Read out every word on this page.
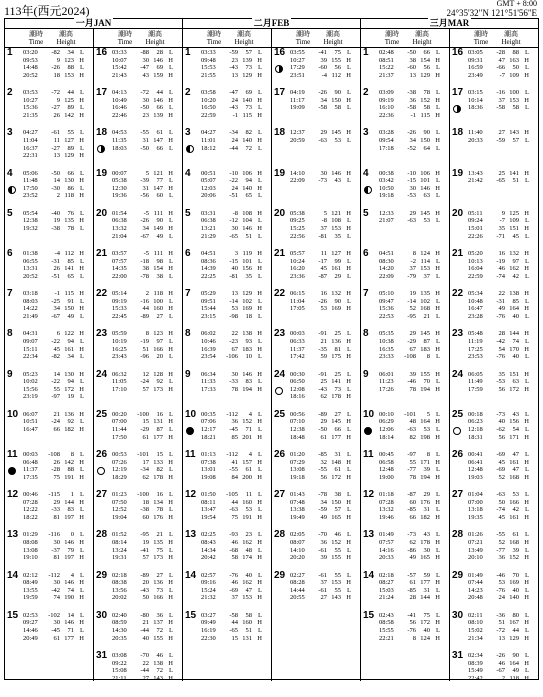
113年(西元2024)
GMT + 8:00
24°35'32"N 121°51'56"E
一月JAN
潮時
Time
潮高
Height
1 03:20 -82 34 L
09:53	9 123 H
14:48 -26 88 L
20:52 18 153 H
2 03:53 -72 44 L
10:27	9 125 H
15:36 -27 89 L
21:35 26 142 H
3 04:27 -61 55 L
11:04 11 127 H
16:37 -27 89 L
22:31 13 129 H
4 05:06 -50 66 L
11:48 14 130 H
17:50 -30 86 L
23:52	2 118 H
5 05:54 -40 76 L
12:38 19 135 H
19:32 -38 78 L
6 01:38	-4 112 H
06:55 -31 85 L
13:31 26 141 H
20:52 -51 65 L
7 03:18	-1 115 H
08:03 -25 91 L
14:22 34 150 H
21:49 -67 49 L
8 04:31	6 122 H
09:07 -22 94 L
15:11 45 161 H
22:34 -82 34 L
9 05:23 14 130 H
10:02 -22 94 L
15:56 55 172 H
23:19 -97 19 L
10 06:07 21 136 H
10:51 -24 92 L
16:47 66 182 H
11 00:03 -108 8 L
06:48 26 142 H
11:37 -28 88 L
17:35 75 191 H
12 00:46 -115 1 L
07:28 29 144 H
12:22 -33 83 L
18:22 81 197 H
13 01:29 -116 0 L
08:08 30 146 H
13:08 -37 79 L
19:10 81 197 H
14 02:12 -112 4 L
08:49 30 146 H
13:55 -42 74 L
19:59 74 190 H
15 02:53 -102 14 L
09:27 30 146 H
14:46 -45 71 L
20:49 61 177 H
潮時
Time
潮高
Height
16 03:33 -88 28 L
10:07 30 146 H
15:42 -47 69 L
21:43 43 159 H
17 04:13 -72 44 L
10:49 30 146 H
16:46 -50 66 L
22:46 23 139 H
18 04:53 -55 61 L
11:35 31 147 H
18:03 -50 66 L
19 00:07	5 121 H
05:38 -39 77 L
12:30 31 147 H
19:36 -56 60 L
20 01:54	-5 111 H
06:38 -26 90 L
13:32 34 149 H
21:04 -67 49 L
21 03:57	-5 111 H
07:57 -18 98 L
14:35 38 154 H
22:00 -78 38 L
22 05:14	2 118 H
09:19 -16 100 L
15:33 44 160 H
22:45 -89 27 L
23 05:59	8 123 H
10:19 -19 97 L
16:25 51 166 H
23:43 -96 20 L
24 06:32 12 128 H
11:05 -24 92 L
17:10 57 173 H
25 00:20 -100 16 L
07:00 15 131 H
11:44 -29 87 L
17:50 61 177 H
26 00:53 -101 15 L
07:26 17 133 H
12:19 -34 82 L
18:29 62 178 H
27 01:23 -100 16 L
07:50 18 134 H
12:52 -38 78 L
19:04 60 176 H
28 01:52 -95 21 L
08:14 19 135 H
13:24 -41 75 L
19:31 57 173 H
29 02:18 -89 27 L
08:38 20 136 H
13:56 -43 73 L
20:02 50 166 H
30 02:40 -80 36 L
08:59 21 137 H
14:30 -44 72 L
20:35 40 155 H
31 03:08 -70 46 L
09:22 22 138 H
15:08 -44 72 L
21:11 27 143 H
二月FEB
潮時
Time
潮高
Height
1 03:33 -59 57 L
09:48 23 139 H
15:53 -43 73 L
21:55 13 129 H
2 03:58 -47 69 L
10:20 24 140 H
16:50 -43 73 L
22:59	-1 115 H
3 04:27 -34 82 L
11:01 24 140 H
18:12 -44 72 L
4 00:51 -10 106 H
05:07 -22 94 L
12:03 24 140 H
20:06 -51 65 L
5 03:31	-8 108 H
06:38 -12 104 L
13:21 30 146 H
21:29 -65 51 L
6 04:51	3 119 H
08:36 -15 101 L
14:39 40 156 H
22:25 -81 35 L
7 05:29 13 129 H
09:51 -14 102 L
15:44 53 169 H
23:15 -98 18 L
8 06:02 22 138 H
10:46 -23 93 L
16:39 67 183 H
23:54 -106 10 L
9 06:34 30 146 H
11:33 -33 83 L
17:33 78 194 H
10 00:35 -112 4 L
07:06 36 152 H
12:17 -45 71 L
18:21 85 201 H
11 01:13 -112 4 L
07:38 41 157 H
13:01 -55 61 L
19:08 84 200 H
12 01:50 -105 11 L
08:11 44 160 H
13:47 -63 53 L
19:54 75 191 H
13 02:25 -93 23 L
08:43 46 162 H
14:34 -68 48 L
20:42 58 174 H
14 02:57 -76 40 L
09:16 46 162 H
15:24 -69 47 L
21:32 37 153 H
15 03:27 -58 58 L
09:49 44 160 H
16:19 -65 51 L
22:30 15 131 H
潮時
Time
潮高
Height
16 03:55 -41 75 L
10:27 39 155 H
17:29 -60 56 L
23:51	-4 112 H
17 04:19 -26 90 L
11:17 34 150 H
19:09 -58 58 L
18 12:37 29 145 H
20:59 -63 53 L
19 14:10 30 146 H
22:09 -73 43 L
20 05:38	5 121 H
09:25	-8 108 L
15:25 37 153 H
22:56 -81 35 L
21 05:57 11 127 H
10:24 -17 99 L
16:20 45 161 H
23:36 -87 29 L
22 06:15 16 132 H
11:04 -26 90 L
17:05 53 169 H
23 00:03 -91 25 L
06:33 21 136 H
11:37 -35 81 L
17:42 59 175 H
24 00:30 -91 25 L
06:50 25 141 H
12:08 -43 73 L
18:16 62 178 H
25 00:56 -89 27 L
07:10 29 145 H
12:38 -50 66 L
18:48 61 177 H
26 01:20 -85 31 L
07:29 32 148 H
13:08 -55 61 L
19:18 56 172 H
27 01:43 -78 38 L
07:48 34 150 H
13:38 -59 57 L
19:49 49 165 H
28 02:05 -70 46 L
08:07 36 152 H
14:10 -61 55 L
20:20 39 155 H
29 02:27 -61 55 L
08:28 37 153 H
14:44 -61 55 L
20:55 27 143 H
三月MAR
潮時
Time
潮高
Height
1 02:48 -50 66 L
08:51 38 154 H
15:22 -60 56 L
21:37 13 129 H
2 03:09 -38 78 L
09:19 36 152 H
16:10 -58 58 L
22:36	-1 115 H
3 03:28 -26 90 L
09:54 34 150 H
17:18 -52 64 L
4 00:38 -10 106 H
03:42 -15 101 L
10:50 30 146 H
19:18 -53 63 L
5 12:33 29 145 H
21:07 -63 53 L
6 04:51	8 124 H
08:30	-2 114 L
14:20 37 153 H
22:09 -79 37 L
7 05:10 19 135 H
09:47 -14 102 L
15:36 52 168 H
22:53 -95 21 L
8 05:35 29 145 H
10:38 -29 87 L
16:35 67 183 H
23:33 -108 8 L
9 06:01 39 155 H
11:23 -46 70 L
17:26 78 194 H
10 00:10 -101 5 L
06:29 48 164 H
12:06 -63 53 L
18:14 82 198 H
11 00:45 -97 8 L
06:58 55 171 H
12:48 -77 39 L
19:00 78 194 H
12 01:18 -87 29 L
07:28 60 176 H
13:32 -85 31 L
19:46 66 182 H
13 01:49 -73 43 L
07:57 62 178 H
14:16 -86 30 L
20:33 49 165 H
14 02:18 -57 59 L
08:27 61 177 H
15:03 -85 31 L
21:24 28 144 H
15 02:43 -41 75 L
08:58 56 172 H
15:55 -76 40 L
22:21	8 124 H
潮時
Time
潮高
Height
16 03:05 -28 88 L
09:31 47 163 H
16:59 -66 50 L
23:49	-7 109 H
17 03:15 -16 100 L
10:14 37 153 H
18:36 -58 58 L
18 11:40 27 143 H
20:33 -59 57 L
19 13:43 25 141 H
21:42 -65 51 L
20 05:11	9 125 H
09:24	-7 109 L
15:01 35 151 H
22:26 -71 45 L
21 05:20 16 132 H
10:13 -19 97 L
16:04 46 162 H
22:59 -74 42 L
22 05:34 22 138 H
10:48 -31 85 L
16:47 49 164 H
23:28 -76 40 L
23 05:48 28 144 H
11:19 -42 74 L
17:25 54 170 H
23:53 -76 40 L
24 06:05 35 151 H
11:49 -53 63 L
17:59 56 172 H
25 00:18 -73 43 L
06:23 40 156 H
12:18 -62 54 L
18:31 56 171 H
26 00:41 -69 47 L
06:41 45 161 H
12:48 -69 47 L
19:03 52 168 H
27 01:04 -63 53 L
07:00 50 166 H
13:18 -74 42 L
19:35 45 161 H
28 01:26 -55 61 L
07:21 52 168 H
13:49 -77 39 L
20:10 36 152 H
29 01:49 -46 70 L
07:44 53 169 H
14:23 -76 40 L
20:48 24 140 H
30 02:11 -36 80 L
08:10 51 167 H
15:02 -72 44 L
21:34 13 129 H
31 02:34 -26 90 L
08:39 46 164 H
15:49 -67 49 L
22:42	2 118 H
